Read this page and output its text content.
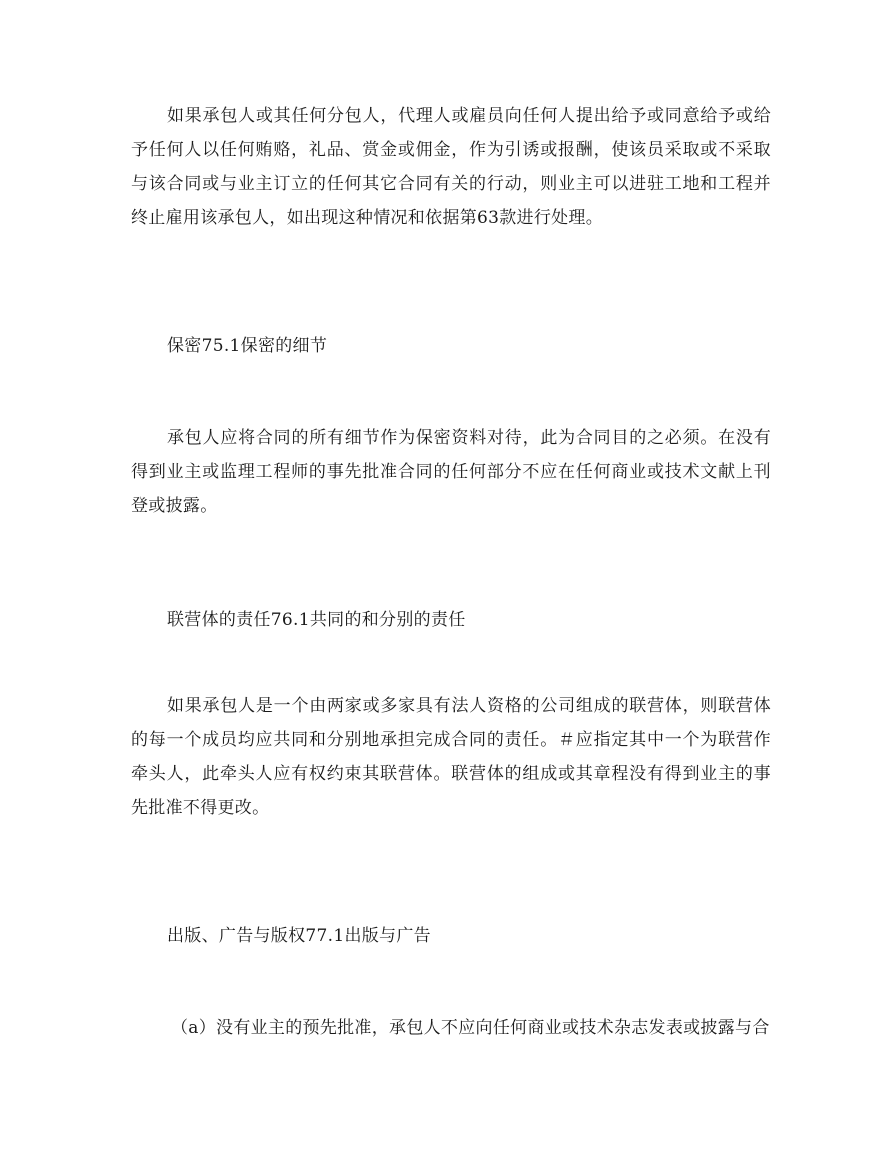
如果承包人或其任何分包人，代理人或雇员向任何人提出给予或同意给予或给予任何人以任何贿赂，礼品、赏金或佣金，作为引诱或报酬，使该员采取或不采取与该合同或与业主订立的任何其它合同有关的行动，则业主可以进驻工地和工程并终止雇用该承包人，如出现这种情况和依据第63款进行处理。

保密75.1保密的细节

承包人应将合同的所有细节作为保密资料对待，此为合同目的之必须。在没有得到业主或监理工程师的事先批准合同的任何部分不应在任何商业或技术文献上刊登或披露。

联营体的责任76.1共同的和分别的责任

如果承包人是一个由两家或多家具有法人资格的公司组成的联营体，则联营体的每一个成员均应共同和分别地承担完成合同的责任。＃应指定其中一个为联营作牵头人，此牵头人应有权约束其联营体。联营体的组成或其章程没有得到业主的事先批准不得更改。

出版、广告与版权77.1出版与广告

（a）没有业主的预先批准，承包人不应向任何商业或技术杂志发表或披露与合
